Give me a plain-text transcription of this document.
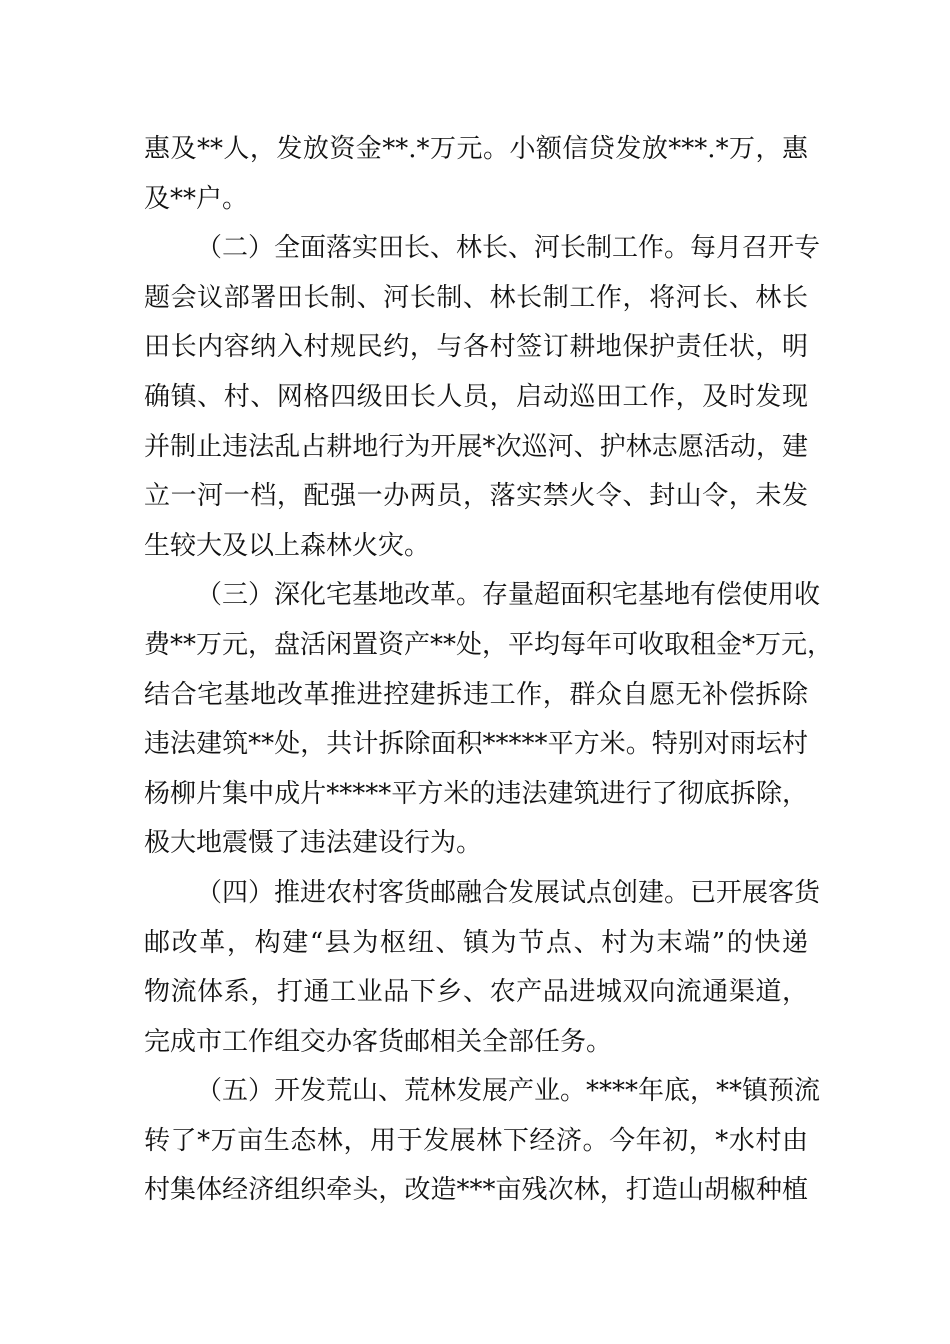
惠及**人，发放资金**.*万元。小额信贷发放***.*万，惠
及**户。
（二）全面落实田长、林长、河长制工作。每月召开专
题会议部署田长制、河长制、林长制工作，将河长、林长
田长内容纳入村规民约，与各村签订耕地保护责任状，明
确镇、村、网格四级田长人员，启动巡田工作，及时发现
并制止违法乱占耕地行为开展*次巡河、护林志愿活动，建
立一河一档，配强一办两员，落实禁火令、封山令，未发
生较大及以上森林火灾。
（三）深化宅基地改革。存量超面积宅基地有偿使用收
费**万元，盘活闲置资产**处，平均每年可收取租金*万元，
结合宅基地改革推进控建拆违工作，群众自愿无补偿拆除
违法建筑**处，共计拆除面积*****平方米。特别对雨坛村
杨柳片集中成片*****平方米的违法建筑进行了彻底拆除，
极大地震慑了违法建设行为。
（四）推进农村客货邮融合发展试点创建。已开展客货
邮改革，构建“县为枢纽、镇为节点、村为末端”的快递
物流体系，打通工业品下乡、农产品进城双向流通渠道，
完成市工作组交办客货邮相关全部任务。
（五）开发荒山、荒林发展产业。****年底，**镇预流
转了*万亩生态林，用于发展林下经济。今年初，*水村由
村集体经济组织牵头，改造***亩残次林，打造山胡椒种植
